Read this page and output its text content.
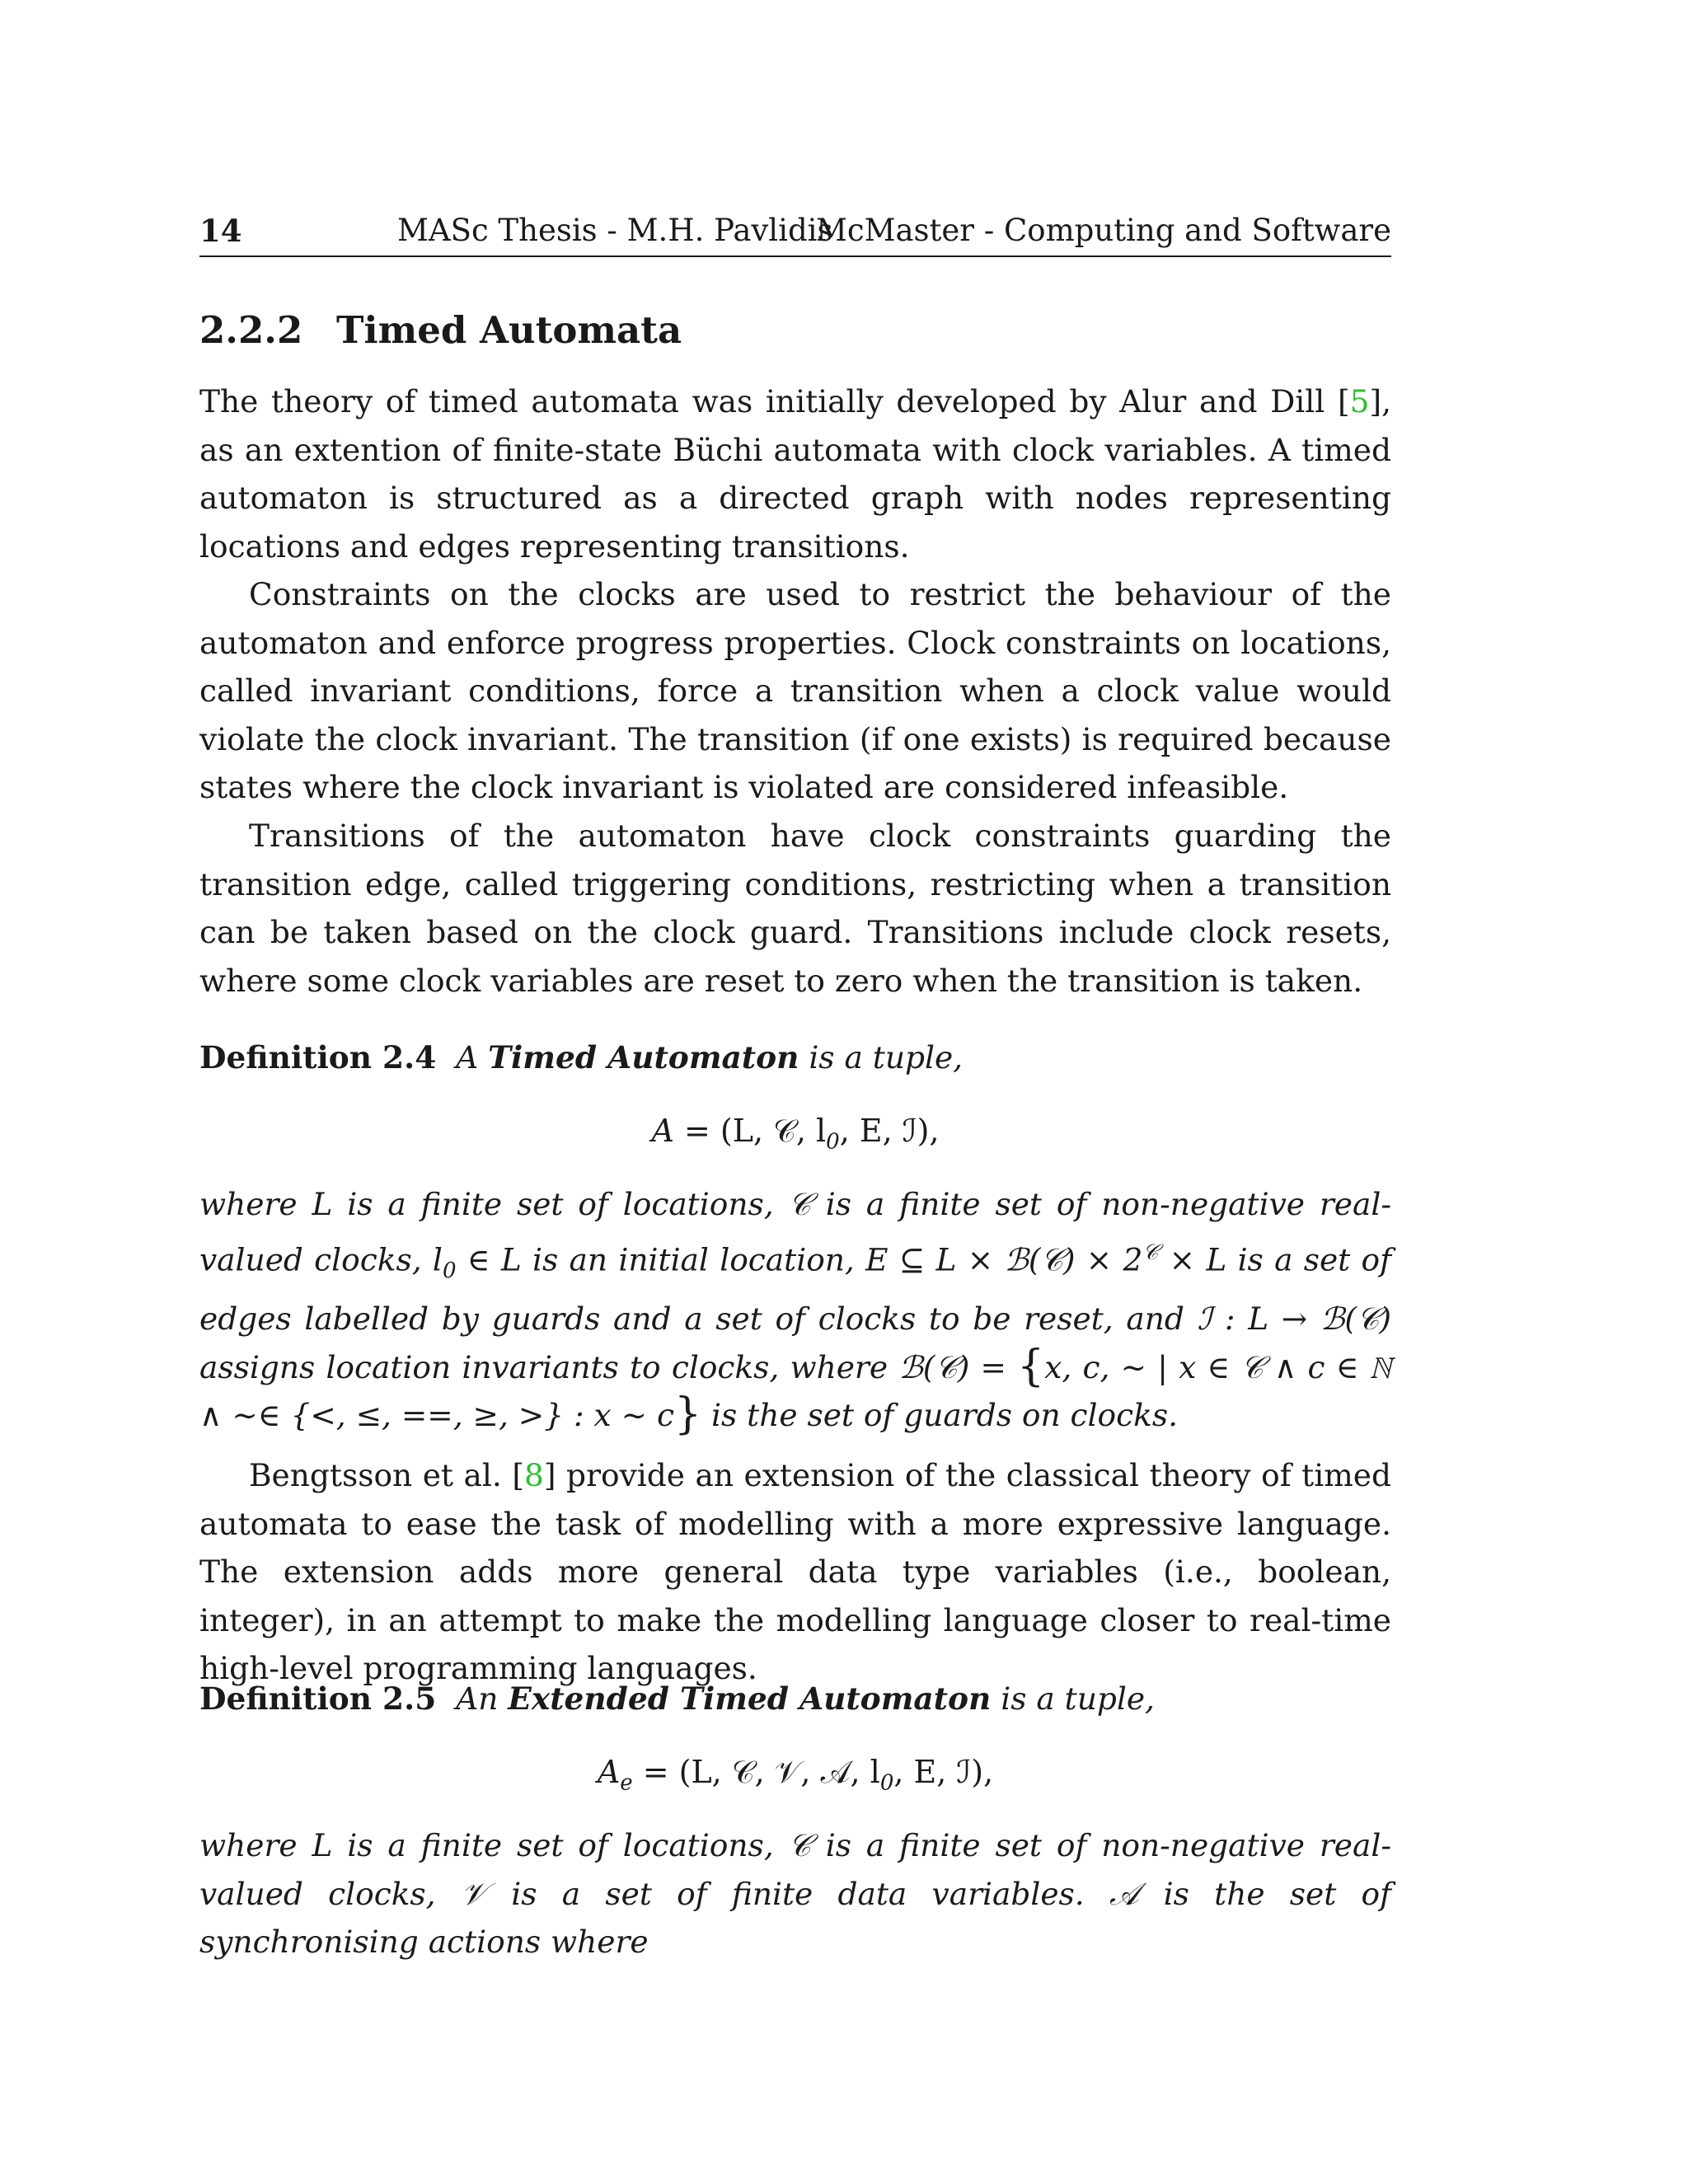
14	MASc Thesis - M.H. Pavlidis
McMaster - Computing and Software
2.2.2 Timed Automata

The theory of timed automata was initially developed by Alur and Dill [5], as an extention of finite-state Büchi automata with clock variables. A timed automaton is structured as a directed graph with nodes representing locations and edges representing transitions.

Constraints on the clocks are used to restrict the behaviour of the automaton and enforce progress properties. Clock constraints on locations, called invariant conditions, force a transition when a clock value would violate the clock invariant. The transition (if one exists) is required because states where the clock invariant is violated are considered infeasible.

Transitions of the automaton have clock constraints guarding the transition edge, called triggering conditions, restricting when a transition can be taken based on the clock guard. Transitions include clock resets, where some clock variables are reset to zero when the transition is taken.

Definition 2.4 A Timed Automaton is a tuple,

A = (L, 𝒞, $l_0$, E, ℐ),

where L is a finite set of locations, 𝒞 is a finite set of non-negative real-valued clocks, $l_0$ ∈ L is an initial location, E ⊆ L × ℬ(𝒞) × $2^𝒞 \times L$ is a set of edges labelled by guards and a set of clocks to be reset, and ℐ : L → ℬ(𝒞) assigns location invariants to clocks, where ℬ(𝒞) = {x, c, ∼ | x ∈ 𝒞 ∧ c ∈ ℕ ∧ ∼∈ {<, ≤, ==, ≥, >} : x ∼ c} is the set of guards on clocks.

Bengtsson et al. [8] provide an extension of the classical theory of timed automata to ease the task of modelling with a more expressive language. The extension adds more general data type variables (i.e., boolean, integer), in an attempt to make the modelling language closer to real-time high-level programming languages.

Definition 2.5 An Extended Timed Automaton is a tuple,

$A_e = (L$, 𝒞, 𝒱, 𝒜, $l_0$, E, ℐ),

where L is a finite set of locations, 𝒞 is a finite set of non-negative real-valued clocks, 𝒱 is a set of finite data variables. 𝒜 is the set of synchronising actions where
